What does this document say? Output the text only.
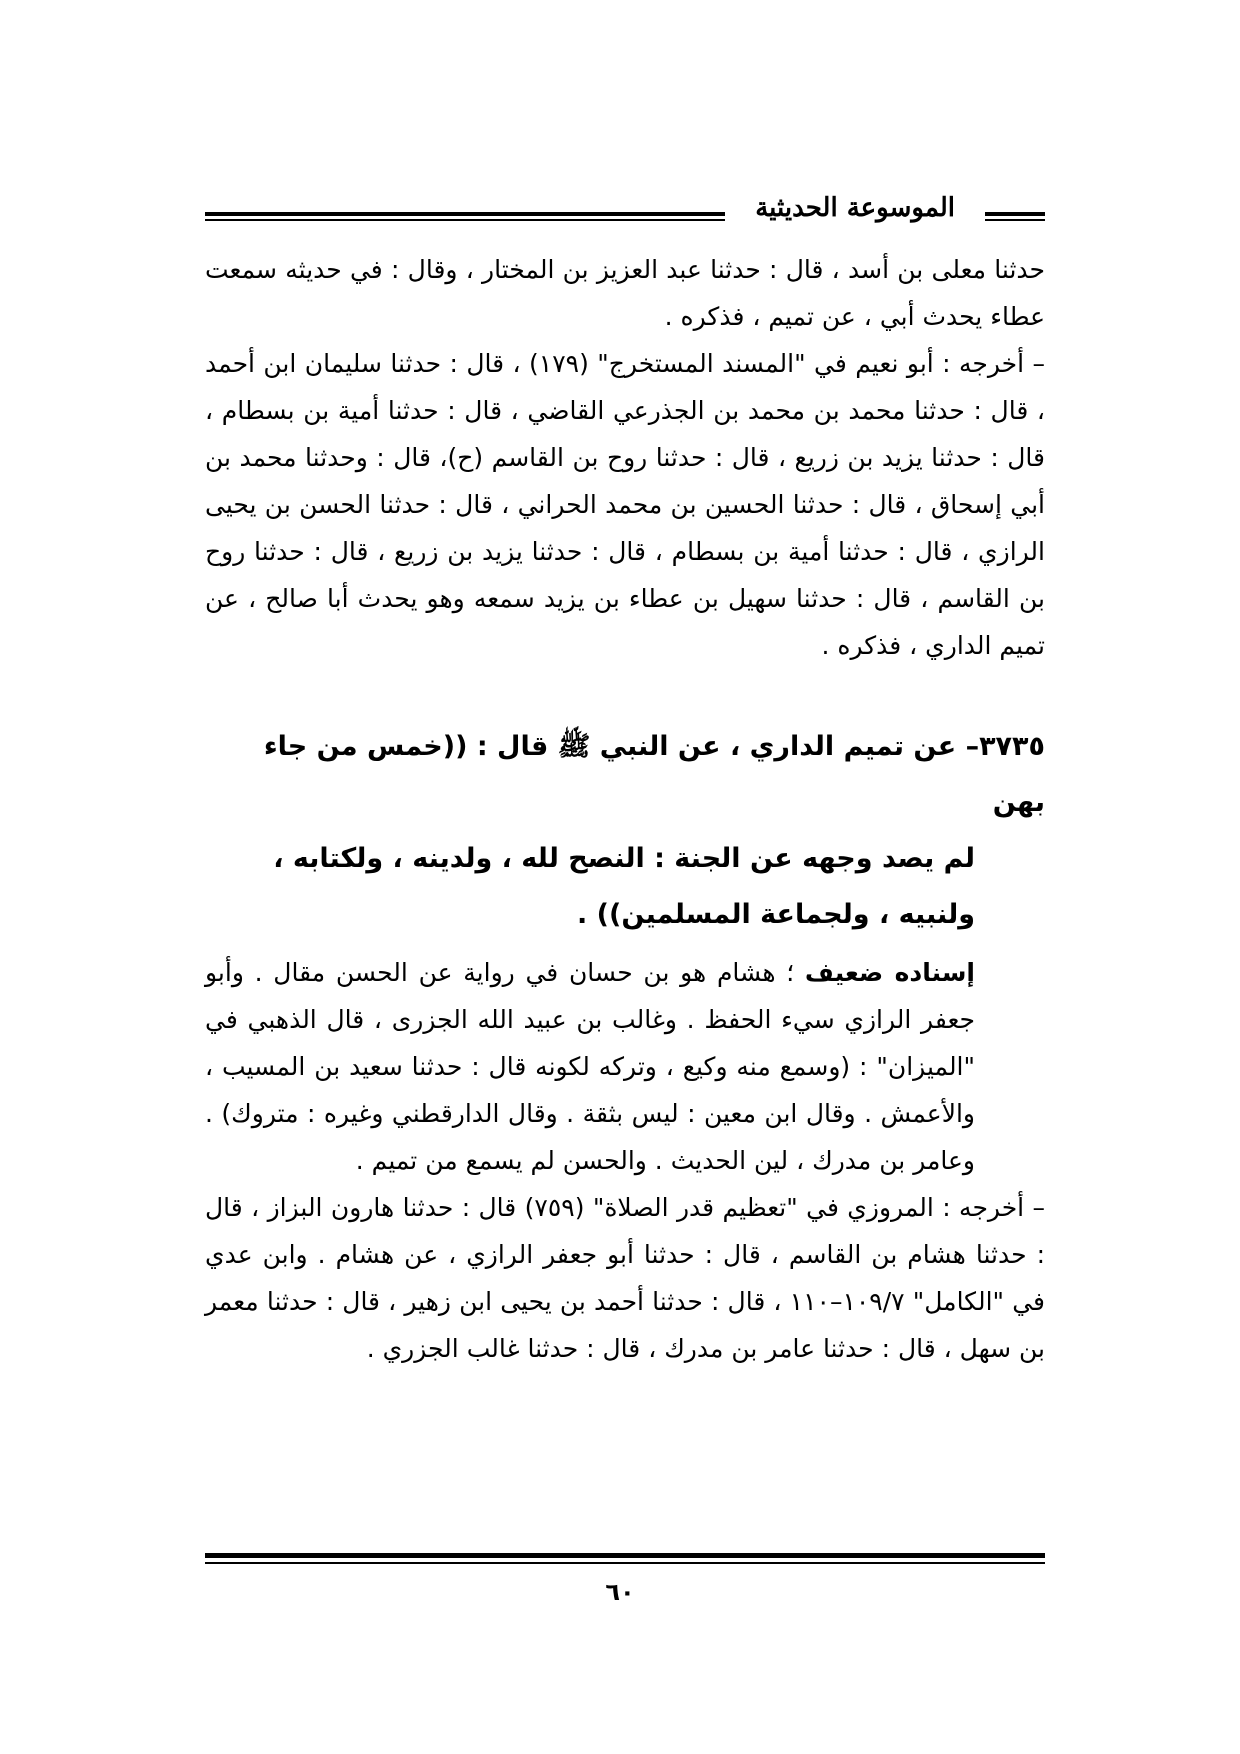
الموسوعة الحديثية

حدثنا معلى بن أسد ، قال : حدثنا عبد العزيز بن المختار ، وقال : في حديثه سمعت عطاء يحدث أبي ، عن تميم ، فذكره .

– أخرجه : أبو نعيم في "المسند المستخرج" (١٧٩) ، قال : حدثنا سليمان ابن أحمد ، قال : حدثنا محمد بن محمد بن الجذرعي القاضي ، قال : حدثنا أمية بن بسطام ، قال : حدثنا يزيد بن زريع ، قال : حدثنا روح بن القاسم (ح)، قال : وحدثنا محمد بن أبي إسحاق ، قال : حدثنا الحسين بن محمد الحراني ، قال : حدثنا الحسن بن يحيى الرازي ، قال : حدثنا أمية بن بسطام ، قال : حدثنا يزيد بن زريع ، قال : حدثنا روح بن القاسم ، قال : حدثنا سهيل بن عطاء بن يزيد سمعه وهو يحدث أبا صالح ، عن تميم الداري ، فذكره .

٣٧٣٥– عن تميم الداري ، عن النبي ﷺ قال : ((خمس من جاء بهن
لم يصد وجهه عن الجنة : النصح لله ، ولدينه ، ولكتابه ، ولنبيه ، ولجماعة المسلمين)) .

إسناده ضعيف ؛ هشام هو بن حسان في رواية عن الحسن مقال . وأبو جعفر الرازي سيء الحفظ . وغالب بن عبيد الله الجزرى ، قال الذهبي في "الميزان" : (وسمع منه وكيع ، وتركه لكونه قال : حدثنا سعيد بن المسيب ، والأعمش . وقال ابن معين : ليس بثقة . وقال الدارقطني وغيره : متروك) . وعامر بن مدرك ، لين الحديث . والحسن لم يسمع من تميم .

– أخرجه : المروزي في "تعظيم قدر الصلاة" (٧٥٩) قال : حدثنا هارون البزاز ، قال : حدثنا هشام بن القاسم ، قال : حدثنا أبو جعفر الرازي ، عن هشام . وابن عدي في "الكامل" ١٠٩/٧–١١٠ ، قال : حدثنا أحمد بن يحيى ابن زهير ، قال : حدثنا معمر بن سهل ، قال : حدثنا عامر بن مدرك ، قال : حدثنا غالب الجزري .

٦٠
